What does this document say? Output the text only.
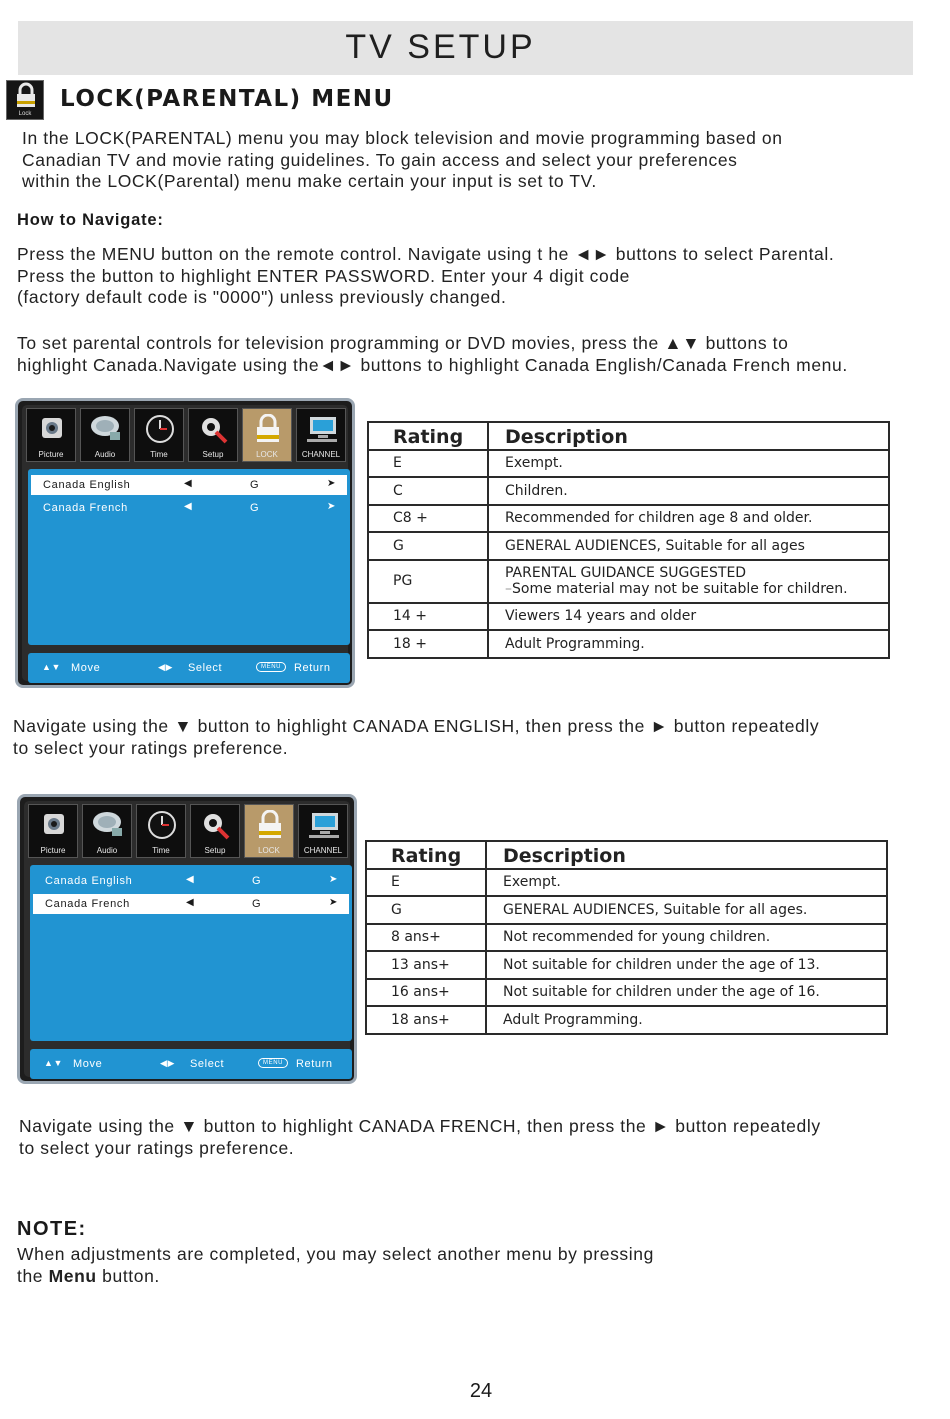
TV SETUP
Lock
LOCK(PARENTAL) MENU

In the LOCK(PARENTAL) menu you may block television and movie programming based on

Canadian TV and movie rating guidelines. To gain access and select your preferences

within the LOCK(Parental) menu make certain your input is set to TV.

How to Navigate:

Press the MENU button on the remote control. Navigate using t he ◄► buttons to select Parental.

Press the button to highlight ENTER PASSWORD. Enter your 4 digit code

(factory default code is "0000") unless previously changed.

To set parental controls for television programming or DVD movies, press the ▲▼ buttons to

highlight Canada.Navigate using the◄► buttons to highlight Canada English/Canada French menu.

Picture	Audio	Time	Setup	LOCK	CHANNEL
Canada English	◀	G	➤
Canada French	◀	G	➤
▲▼ Move	◀▶ Select	MENU	Return
Rating	Description
E	Exempt.
C	Children.
C8 +	Recommended for children age 8 and older.
G	GENERAL AUDIENCES, Suitable for all ages
PG	PARENTAL GUIDANCE SUGGESTED
–Some material may not be suitable for children.

14 +	Viewers 14 years and older
18 +	Adult Programming.

Navigate using the ▼ button to highlight CANADA ENGLISH, then press the ► button repeatedly

to select your ratings preference.

Picture	Audio	Time	Setup	LOCK	CHANNEL
Canada English	◀	G	➤
Canada French	◀	G	➤
▲▼ Move	◀▶ Select	MENU	Return
Rating	Description
E	Exempt.
G	GENERAL AUDIENCES, Suitable for all ages.
8 ans+	Not recommended for young children.
13 ans+	Not suitable for children under the age of 13.
16 ans+	Not suitable for children under the age of 16.
18 ans+	Adult Programming.

Navigate using the ▼ button to highlight CANADA FRENCH, then press the ► button repeatedly

to select your ratings preference.

NOTE:

When adjustments are completed, you may select another menu by pressing

the Menu button.

24
